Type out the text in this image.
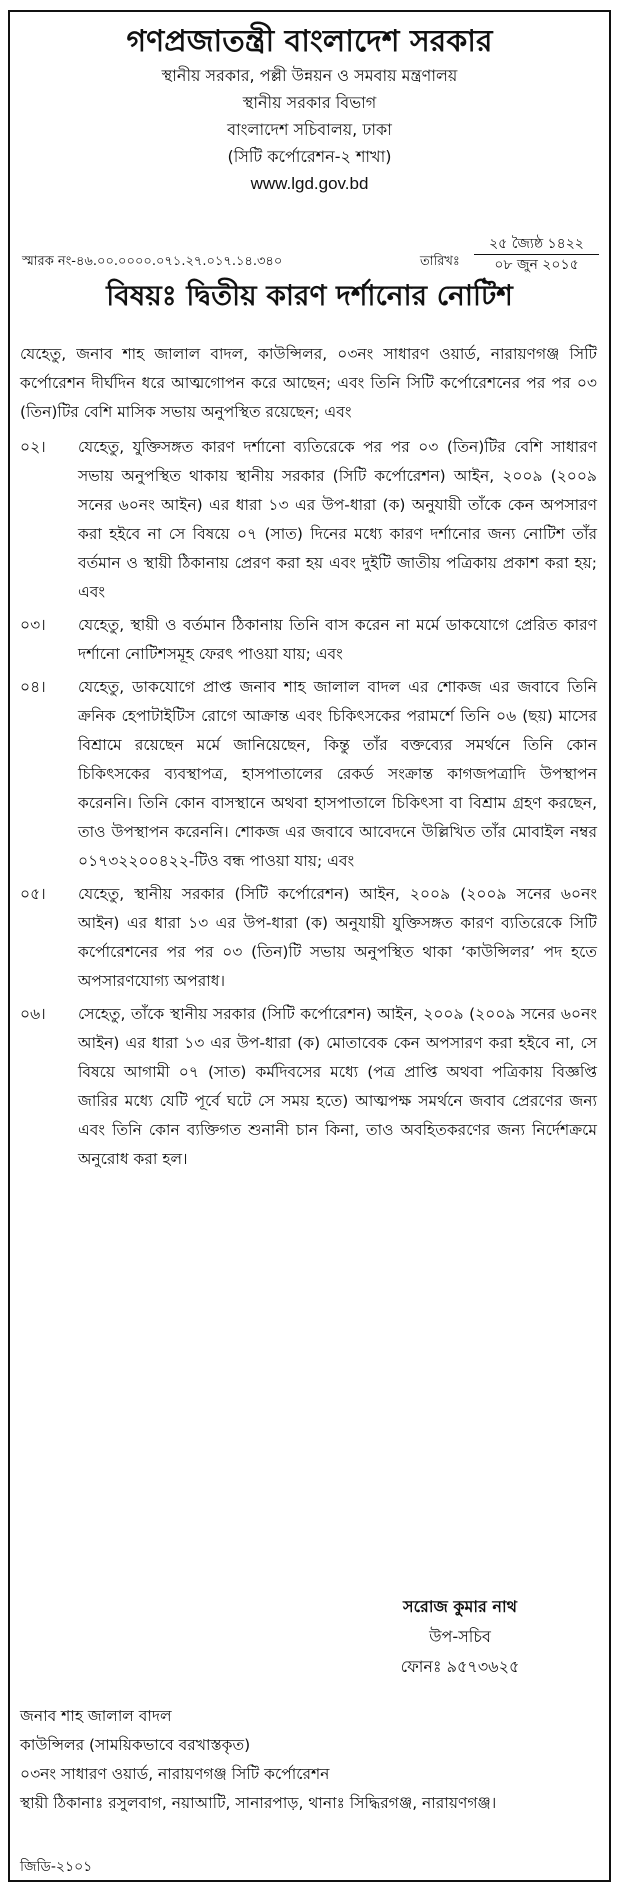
গণপ্রজাতন্ত্রী বাংলাদেশ সরকার

স্থানীয় সরকার, পল্লী উন্নয়ন ও সমবায় মন্ত্রণালয়

স্থানীয় সরকার বিভাগ

বাংলাদেশ সচিবালয়, ঢাকা

(সিটি কর্পোরেশন-২ শাখা)

www.lgd.gov.bd

স্মারক নং-৪৬.০০.০০০০.০৭১.২৭.০১৭.১৪.৩৪০	তারিখঃ
২৫ জ্যৈষ্ঠ ১৪২২
০৮ জুন ২০১৫
বিষয়ঃ দ্বিতীয় কারণ দর্শানোর নোটিশ

যেহেতু, জনাব শাহ জালাল বাদল, কাউন্সিলর, ০৩নং সাধারণ ওয়ার্ড, নারায়ণগঞ্জ সিটি কর্পোরেশন দীর্ঘদিন ধরে আত্মগোপন করে আছেন; এবং তিনি সিটি কর্পোরেশনের পর পর ০৩ (তিন)টির বেশি মাসিক সভায় অনুপস্থিত রয়েছেন; এবং

০২।	যেহেতু, যুক্তিসঙ্গত কারণ দর্শানো ব্যতিরেকে পর পর ০৩ (তিন)টির বেশি সাধারণ সভায় অনুপস্থিত থাকায় স্থানীয় সরকার (সিটি কর্পোরেশন) আইন, ২০০৯ (২০০৯ সনের ৬০নং আইন) এর ধারা ১৩ এর উপ-ধারা (ক) অনুযায়ী তাঁকে কেন অপসারণ করা হইবে না সে বিষয়ে ০৭ (সাত) দিনের মধ্যে কারণ দর্শানোর জন্য নোটিশ তাঁর বর্তমান ও স্থায়ী ঠিকানায় প্রেরণ করা হয় এবং দুইটি জাতীয় পত্রিকায় প্রকাশ করা হয়; এবং
০৩।	যেহেতু, স্থায়ী ও বর্তমান ঠিকানায় তিনি বাস করেন না মর্মে ডাকযোগে প্রেরিত কারণ দর্শানো নোটিশসমূহ ফেরৎ পাওয়া যায়; এবং
০৪।	যেহেতু, ডাকযোগে প্রাপ্ত জনাব শাহ জালাল বাদল এর শোকজ এর জবাবে তিনি ক্রনিক হেপাটাইটিস রোগে আক্রান্ত এবং চিকিৎসকের পরামর্শে তিনি ০৬ (ছয়) মাসের বিশ্রামে রয়েছেন মর্মে জানিয়েছেন, কিন্তু তাঁর বক্তব্যের সমর্থনে তিনি কোন চিকিৎসকের ব্যবস্থাপত্র, হাসপাতালের রেকর্ড সংক্রান্ত কাগজপত্রাদি উপস্থাপন করেননি। তিনি কোন বাসস্থানে অথবা হাসপাতালে চিকিৎসা বা বিশ্রাম গ্রহণ করছেন, তাও উপস্থাপন করেননি। শোকজ এর জবাবে আবেদনে উল্লিখিত তাঁর মোবাইল নম্বর ০১৭৩২২০০৪২২-টিও বন্ধ পাওয়া যায়; এবং
০৫।	যেহেতু, স্থানীয় সরকার (সিটি কর্পোরেশন) আইন, ২০০৯ (২০০৯ সনের ৬০নং আইন) এর ধারা ১৩ এর উপ-ধারা (ক) অনুযায়ী যুক্তিসঙ্গত কারণ ব্যতিরেকে সিটি কর্পোরেশনের পর পর ০৩ (তিন)টি সভায় অনুপস্থিত থাকা ‘কাউন্সিলর’ পদ হতে অপসারণযোগ্য অপরাধ।
০৬।	সেহেতু, তাঁকে স্থানীয় সরকার (সিটি কর্পোরেশন) আইন, ২০০৯ (২০০৯ সনের ৬০নং আইন) এর ধারা ১৩ এর উপ-ধারা (ক) মোতাবেক কেন অপসারণ করা হইবে না, সে বিষয়ে আগামী ০৭ (সাত) কর্মদিবসের মধ্যে (পত্র প্রাপ্তি অথবা পত্রিকায় বিজ্ঞপ্তি জারির মধ্যে যেটি পূর্বে ঘটে সে সময় হতে) আত্মপক্ষ সমর্থনে জবাব প্রেরণের জন্য এবং তিনি কোন ব্যক্তিগত শুনানী চান কিনা, তাও অবহিতকরণের জন্য নির্দেশক্রমে অনুরোধ করা হল।
সরোজ কুমার নাথ
উপ-সচিব
ফোনঃ ৯৫৭৩৬২৫

জনাব শাহ জালাল বাদল

কাউন্সিলর (সাময়িকভাবে বরখাস্তকৃত)

০৩নং সাধারণ ওয়ার্ড, নারায়ণগঞ্জ সিটি কর্পোরেশন

স্থায়ী ঠিকানাঃ রসুলবাগ, নয়াআটি, সানারপাড়, থানাঃ সিদ্ধিরগঞ্জ, নারায়ণগঞ্জ।

জিডি-২১০১
